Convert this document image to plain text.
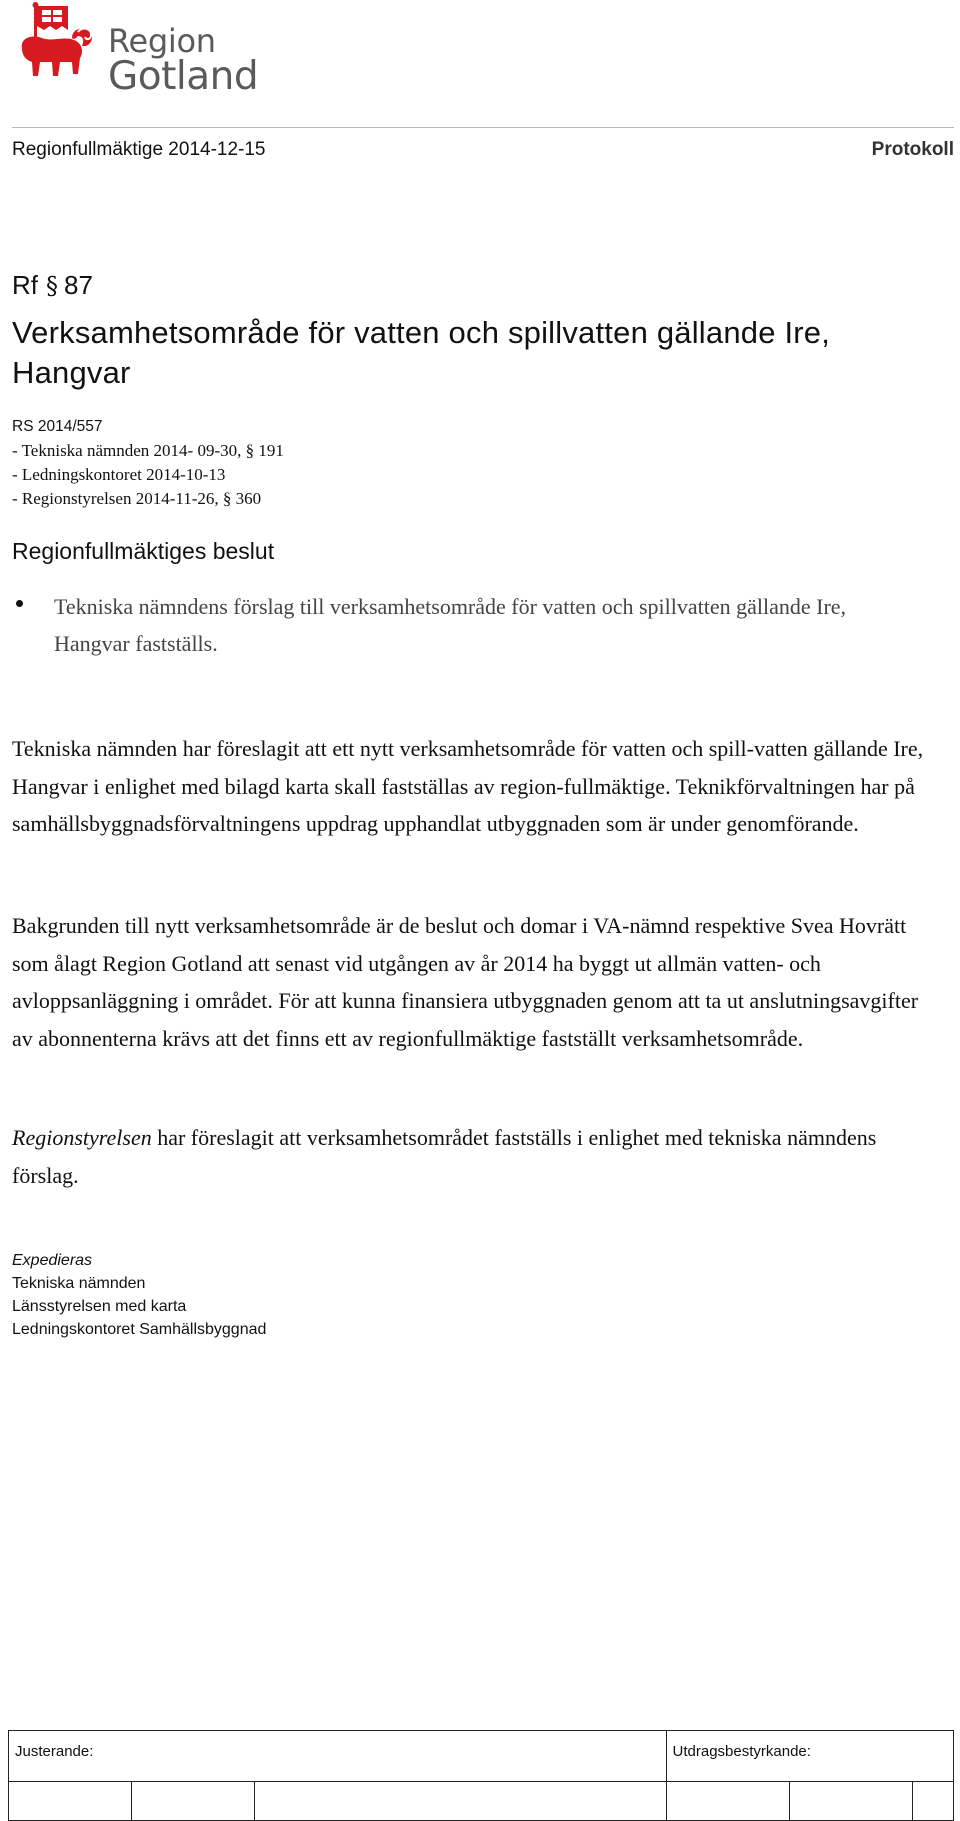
Region
Gotland
Regionfullmäktige 2014-12-15	Protokoll
Rf § 87
Verksamhetsområde för vatten och spillvatten gällande Ire, Hangvar
RS 2014/557
- Tekniska nämnden 2014- 09-30, § 191
- Ledningskontoret 2014-10-13
- Regionstyrelsen 2014-11-26, § 360
Regionfullmäktiges beslut
Tekniska nämndens förslag till verksamhetsområde för vatten och spillvatten gällande Ire, Hangvar fastställs.
Tekniska nämnden har föreslagit att ett nytt verksamhetsområde för vatten och spill-vatten gällande Ire, Hangvar i enlighet med bilagd karta skall fastställas av region-fullmäktige. Teknikförvaltningen har på samhällsbyggnadsförvaltningens uppdrag upphandlat utbyggnaden som är under genomförande.
Bakgrunden till nytt verksamhetsområde är de beslut och domar i VA-nämnd respektive Svea Hovrätt som ålagt Region Gotland att senast vid utgången av år 2014 ha byggt ut allmän vatten- och avloppsanläggning i området. För att kunna finansiera utbyggnaden genom att ta ut anslutningsavgifter av abonnenterna krävs att det finns ett av regionfullmäktige fastställt verksamhetsområde.
Regionstyrelsen har föreslagit att verksamhetsområdet fastställs i enlighet med tekniska nämndens förslag.
Expedieras
Tekniska nämnden
Länsstyrelsen med karta
Ledningskontoret Samhällsbyggnad
Justerande:			Utdragsbestyrkande:		
